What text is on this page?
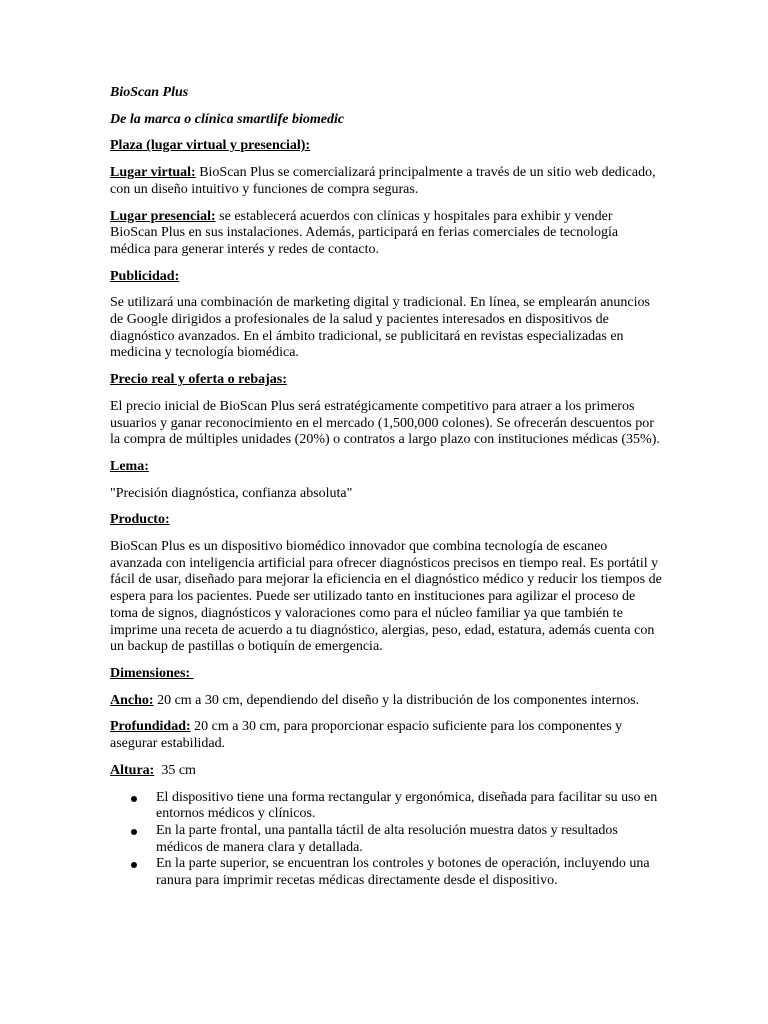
BioScan Plus

De la marca o clínica smartlife biomedic

Plaza (lugar virtual y presencial):

Lugar virtual: BioScan Plus se comercializará principalmente a través de un sitio web dedicado, con un diseño intuitivo y funciones de compra seguras.

Lugar presencial: se establecerá acuerdos con clínicas y hospitales para exhibir y vender BioScan Plus en sus instalaciones. Además, participará en ferias comerciales de tecnología médica para generar interés y redes de contacto.

Publicidad:

Se utilizará una combinación de marketing digital y tradicional. En línea, se emplearán anuncios de Google dirigidos a profesionales de la salud y pacientes interesados en dispositivos de diagnóstico avanzados. En el ámbito tradicional, se publicitará en revistas especializadas en medicina y tecnología biomédica.

Precio real y oferta o rebajas:

El precio inicial de BioScan Plus será estratégicamente competitivo para atraer a los primeros usuarios y ganar reconocimiento en el mercado (1,500,000 colones). Se ofrecerán descuentos por la compra de múltiples unidades (20%) o contratos a largo plazo con instituciones médicas (35%).

Lema:

"Precisión diagnóstica, confianza absoluta"

Producto:

BioScan Plus es un dispositivo biomédico innovador que combina tecnología de escaneo avanzada con inteligencia artificial para ofrecer diagnósticos precisos en tiempo real. Es portátil y fácil de usar, diseñado para mejorar la eficiencia en el diagnóstico médico y reducir los tiempos de espera para los pacientes. Puede ser utilizado tanto en instituciones para agilizar el proceso de toma de signos, diagnósticos y valoraciones como para el núcleo familiar ya que también te imprime una receta de acuerdo a tu diagnóstico, alergias, peso, edad, estatura, además cuenta con un backup de pastillas o botiquín de emergencia.

Dimensiones:

Ancho: 20 cm a 30 cm, dependiendo del diseño y la distribución de los componentes internos.

Profundidad: 20 cm a 30 cm, para proporcionar espacio suficiente para los componentes y asegurar estabilidad.

Altura:  35 cm

El dispositivo tiene una forma rectangular y ergonómica, diseñada para facilitar su uso en entornos médicos y clínicos.
En la parte frontal, una pantalla táctil de alta resolución muestra datos y resultados médicos de manera clara y detallada.
En la parte superior, se encuentran los controles y botones de operación, incluyendo una ranura para imprimir recetas médicas directamente desde el dispositivo.
